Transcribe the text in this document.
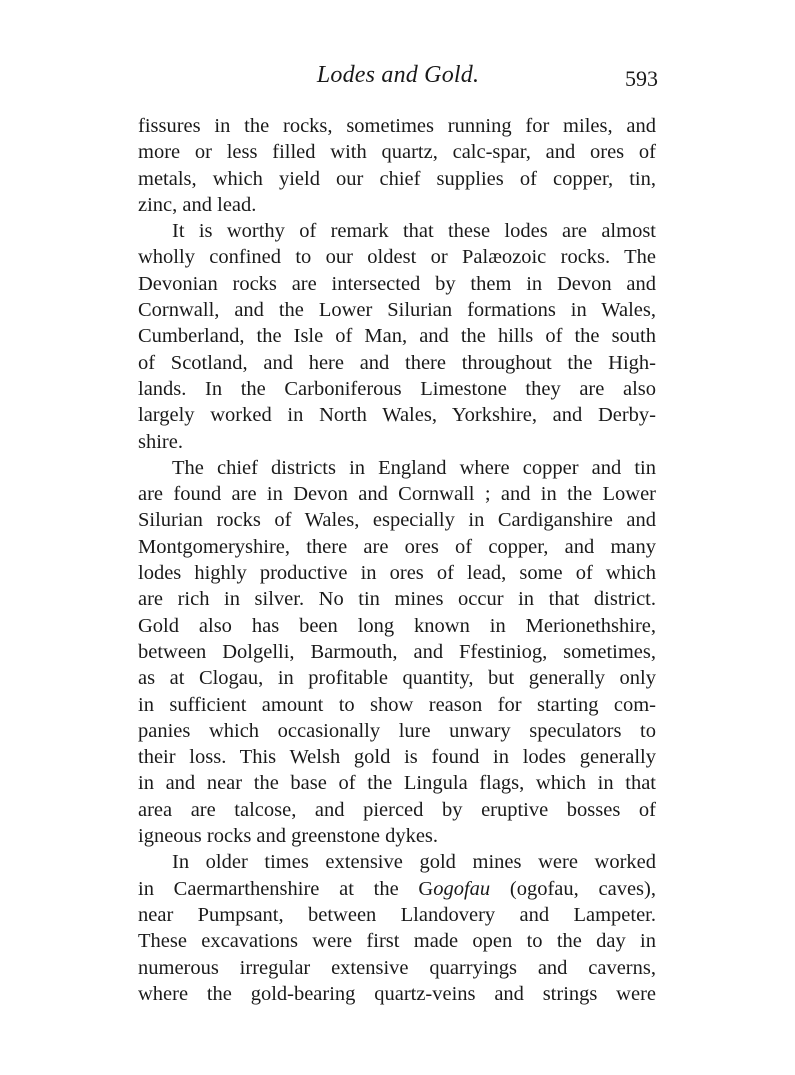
Lodes and Gold.	593
fissures in the rocks, sometimes running for miles, and
more or less filled with quartz, calc-spar, and ores of
metals, which yield our chief supplies of copper, tin,
zinc, and lead.
It is worthy of remark that these lodes are almost
wholly confined to our oldest or Palæozoic rocks. The
Devonian rocks are intersected by them in Devon and
Cornwall, and the Lower Silurian formations in Wales,
Cumberland, the Isle of Man, and the hills of the south
of Scotland, and here and there throughout the High-
lands. In the Carboniferous Limestone they are also
largely worked in North Wales, Yorkshire, and Derby-
shire.
The chief districts in England where copper and tin
are found are in Devon and Cornwall ; and in the Lower
Silurian rocks of Wales, especially in Cardiganshire and
Montgomeryshire, there are ores of copper, and many
lodes highly productive in ores of lead, some of which
are rich in silver. No tin mines occur in that district.
Gold also has been long known in Merionethshire,
between Dolgelli, Barmouth, and Ffestiniog, sometimes,
as at Clogau, in profitable quantity, but generally only
in sufficient amount to show reason for starting com-
panies which occasionally lure unwary speculators to
their loss. This Welsh gold is found in lodes generally
in and near the base of the Lingula flags, which in that
area are talcose, and pierced by eruptive bosses of
igneous rocks and greenstone dykes.
In older times extensive gold mines were worked
in Caermarthenshire at the Gogofau (ogofau, caves),
near Pumpsant, between Llandovery and Lampeter.
These excavations were first made open to the day in
numerous irregular extensive quarryings and caverns,
where the gold-bearing quartz-veins and strings were
